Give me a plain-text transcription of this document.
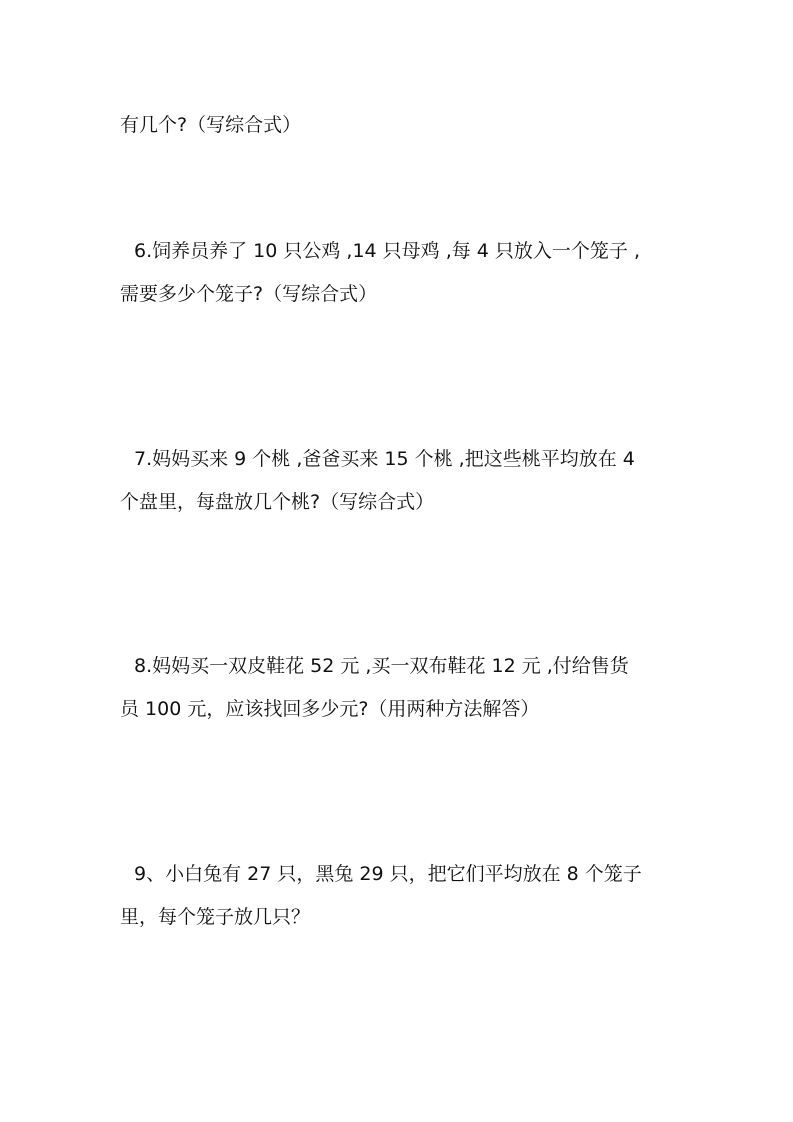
有几个?（写综合式）
6.饲养员养了 10 只公鸡 ,14 只母鸡 ,每 4 只放入一个笼子 ,
需要多少个笼子?（写综合式）
7.妈妈买来 9 个桃 ,爸爸买来 15 个桃 ,把这些桃平均放在 4
个盘里，每盘放几个桃?（写综合式）
8.妈妈买一双皮鞋花 52 元 ,买一双布鞋花 12 元 ,付给售货
员 100 元，应该找回多少元?（用两种方法解答）
9、小白兔有 27 只，黑兔 29 只，把它们平均放在 8 个笼子
里，每个笼子放几只？
